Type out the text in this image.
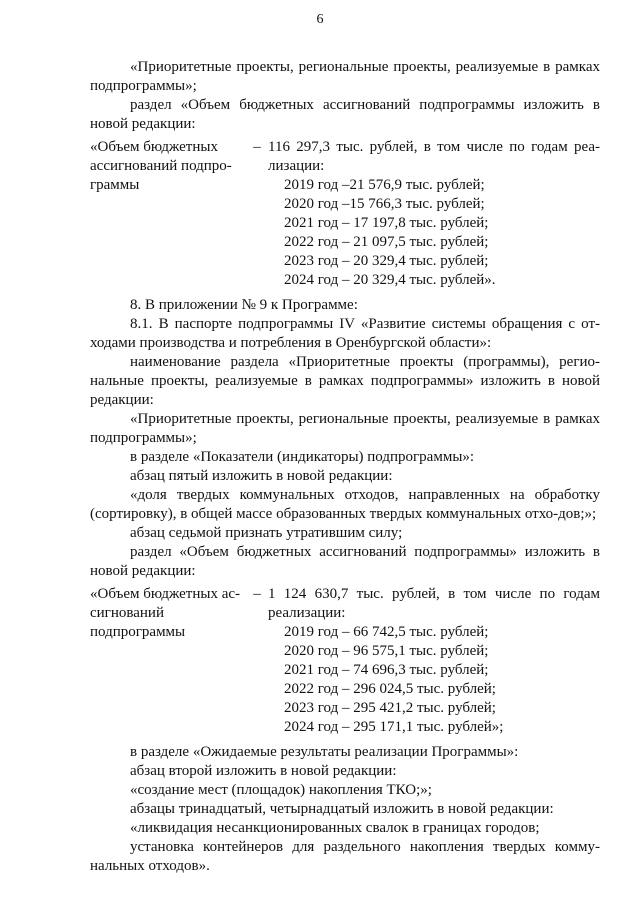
6

«Приоритетные проекты, региональные проекты, реализуемые в рамках подпрограммы»;

раздел «Объем бюджетных ассигнований подпрограммы изложить в новой редакции:

«Объем бюджетных ассигнований подпро-граммы
– 116 297,3 тыс. рублей, в том числе по годам реа-лизации:
2019 год –21 576,9 тыс. рублей;
2020 год –15 766,3 тыс. рублей;
2021 год – 17 197,8 тыс. рублей;
2022 год – 21 097,5 тыс. рублей;
2023 год – 20 329,4 тыс. рублей;
2024 год – 20 329,4 тыс. рублей».

8. В приложении № 9 к Программе:

8.1. В паспорте подпрограммы IV «Развитие системы обращения с от-ходами производства и потребления в Оренбургской области»:

наименование раздела «Приоритетные проекты (программы), регио-нальные проекты, реализуемые в рамках подпрограммы» изложить в новой редакции:

«Приоритетные проекты, региональные проекты, реализуемые в рамках подпрограммы»;

в разделе «Показатели (индикаторы) подпрограммы»:

абзац пятый изложить в новой редакции:

«доля твердых коммунальных отходов, направленных на обработку (сортировку), в общей массе образованных твердых коммунальных отхо-дов;»;

абзац седьмой признать утратившим силу;

раздел «Объем бюджетных ассигнований подпрограммы» изложить в новой редакции:

«Объем бюджетных ас-сигнований подпрограммы
– 1 124 630,7 тыс. рублей, в том числе по годам реализации:
2019 год – 66 742,5 тыс. рублей;
2020 год – 96 575,1 тыс. рублей;
2021 год – 74 696,3 тыс. рублей;
2022 год – 296 024,5 тыс. рублей;
2023 год – 295 421,2 тыс. рублей;
2024 год – 295 171,1 тыс. рублей»;

в разделе «Ожидаемые результаты реализации Программы»:

абзац второй изложить в новой редакции:

«создание мест (площадок) накопления ТКО;»;

абзацы тринадцатый, четырнадцатый изложить в новой редакции:

«ликвидация несанкционированных свалок в границах городов;

установка контейнеров для раздельного накопления твердых комму-нальных отходов».
